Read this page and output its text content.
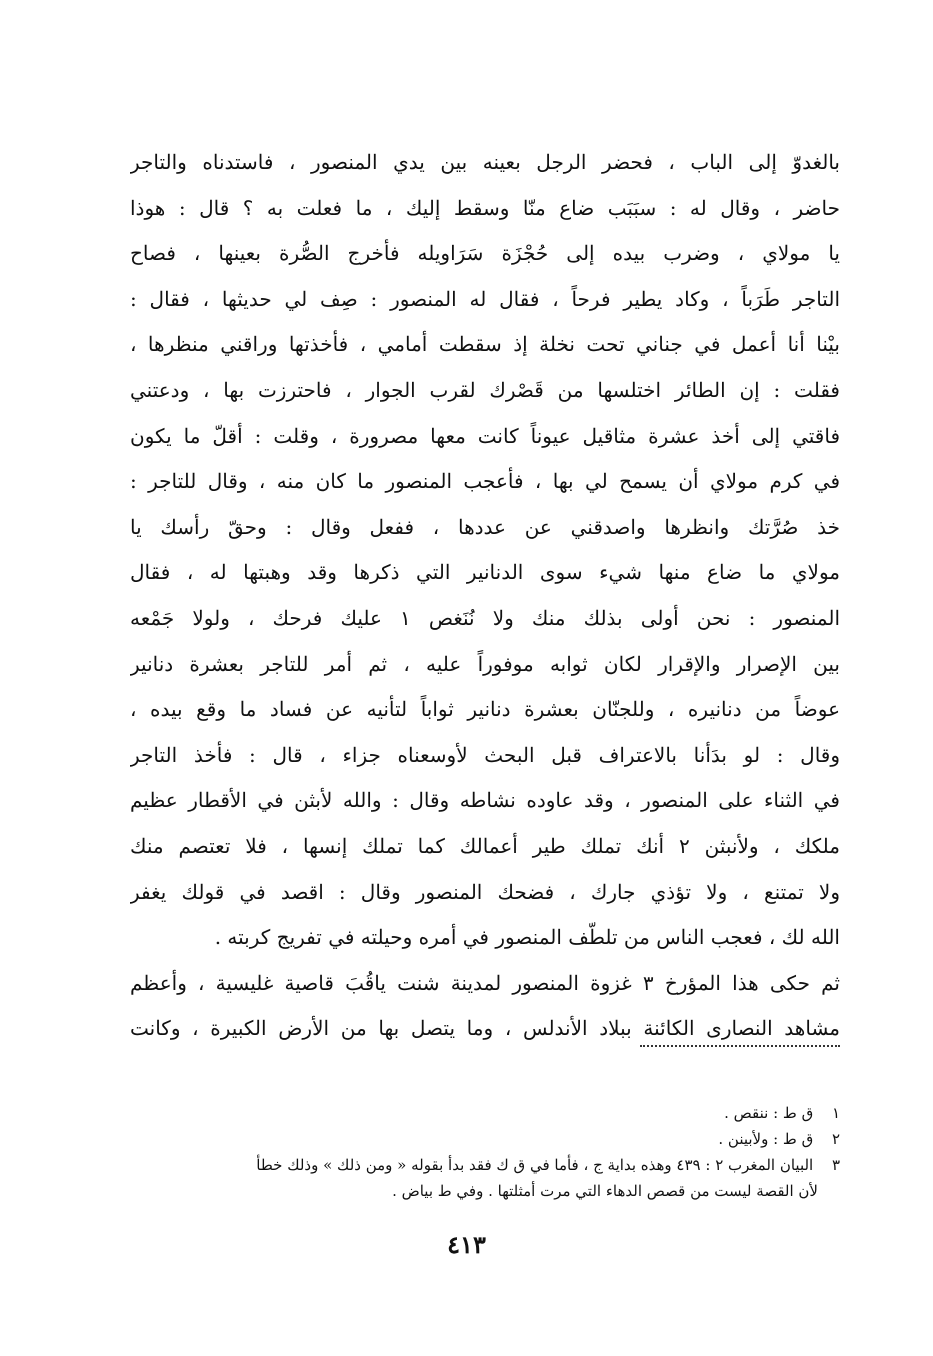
بالغدوّ إلى الباب ، فحضر الرجل بعينه بين يدي المنصور ، فاستدناه والتاجر
حاضر ، وقال له : سبَبَب ضاع منّا وسقط إليك ، ما فعلت به ؟ قال : هوذا
يا مولاي ، وضرب بيده إلى حُجْزَة سَرَاويله فأخرج الصُّرة بعينها ، فصاح
التاجر طَرَباً ، وكاد يطير فرحاً ، فقال له المنصور : صِف لي حديثها ، فقال :
بيْنا أنا أعمل في جناني تحت نخلة إذ سقطت أمامي ، فأخذتها وراقني منظرها ،
فقلت : إن الطائر اختلسها من قَصْرك لقرب الجوار ، فاحترزت بها ، ودعتني
فاقتي إلى أخذ عشرة مثاقيل عيوناً كانت معها مصرورة ، وقلت : أقلّ ما يكون
في كرم مولاي أن يسمح لي بها ، فأعجب المنصور ما كان منه ، وقال للتاجر :
خذ صُرَّتك وانظرها واصدقني عن عددها ، ففعل وقال : وحقّ رأسك يا
مولاي ما ضاع منها شيء سوى الدنانير التي ذكرها وقد وهبتها له ، فقال
المنصور : نحن أولى بذلك منك ولا نُنَغص ١ عليك فرحك ، ولولا جَمْعه
بين الإصرار والإقرار لكان ثوابه موفوراً عليه ، ثم أمر للتاجر بعشرة دنانير
عوضاً من دنانيره ، وللجنّان بعشرة دنانير ثواباً لتأنيه عن فساد ما وقع بيده ،
وقال : لو بدَأنا بالاعتراف قبل البحث لأوسعناه جزاء ، قال : فأخذ التاجر
في الثناء على المنصور ، وقد عاوده نشاطه وقال : والله لأبثن في الأقطار عظيم
ملكك ، ولأنبثن ٢ أنك تملك طير أعمالك كما تملك إنسها ، فلا تعتصم منك
ولا تمتنع ، ولا تؤذي جارك ، فضحك المنصور وقال : اقصد في قولك يغفر
الله لك ، فعجب الناس من تلطّف المنصور في أمره وحيلته في تفريج كربته .
ثم حكى هذا المؤرخ ٣ غزوة المنصور لمدينة شنت ياقُبَ قاصية غليسية ، وأعظم
مشاهد النصارى الكائنة ببلاد الأندلس ، وما يتصل بها من الأرض الكبيرة ، وكانت
١ ق ط : ننقص .
٢ ق ط : ولأبينن .
٣ البيان المغرب ٢ : ٤٣٩ وهذه بداية ج ، فأما في ق ك فقد بدأ بقوله « ومن ذلك » وذلك خطأ
لأن القصة ليست من قصص الدهاء التي مرت أمثلتها . وفي ط بياض .
٤١٣
